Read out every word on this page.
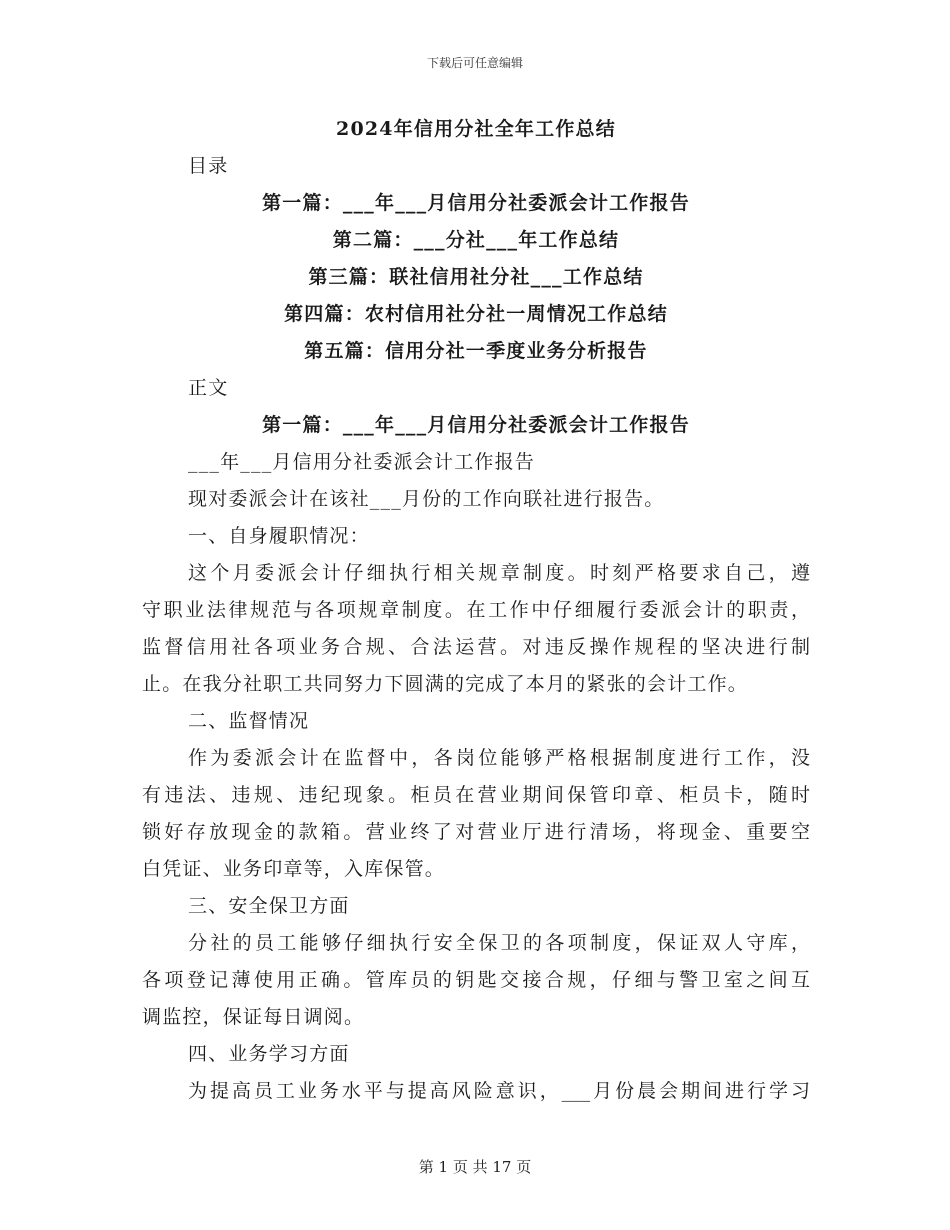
下载后可任意编辑
2024年信用分社全年工作总结
目录
第一篇：___年___月信用分社委派会计工作报告
第二篇：___分社___年工作总结
第三篇：联社信用社分社___工作总结
第四篇：农村信用社分社一周情况工作总结
第五篇：信用分社一季度业务分析报告
正文
第一篇：___年___月信用分社委派会计工作报告
___年___月信用分社委派会计工作报告
现对委派会计在该社___月份的工作向联社进行报告。
一、自身履职情况：
这个月委派会计仔细执行相关规章制度。时刻严格要求自己，遵
守职业法律规范与各项规章制度。在工作中仔细履行委派会计的职责，
监督信用社各项业务合规、合法运营。对违反操作规程的坚决进行制
止。在我分社职工共同努力下圆满的完成了本月的紧张的会计工作。
二、监督情况
作为委派会计在监督中，各岗位能够严格根据制度进行工作，没
有违法、违规、违纪现象。柜员在营业期间保管印章、柜员卡，随时
锁好存放现金的款箱。营业终了对营业厅进行清场，将现金、重要空
白凭证、业务印章等，入库保管。
三、安全保卫方面
分社的员工能够仔细执行安全保卫的各项制度，保证双人守库，
各项登记薄使用正确。管库员的钥匙交接合规，仔细与警卫室之间互
调监控，保证每日调阅。
四、业务学习方面
为提高员工业务水平与提高风险意识，___月份晨会期间进行学习
第 1 页 共 17 页
